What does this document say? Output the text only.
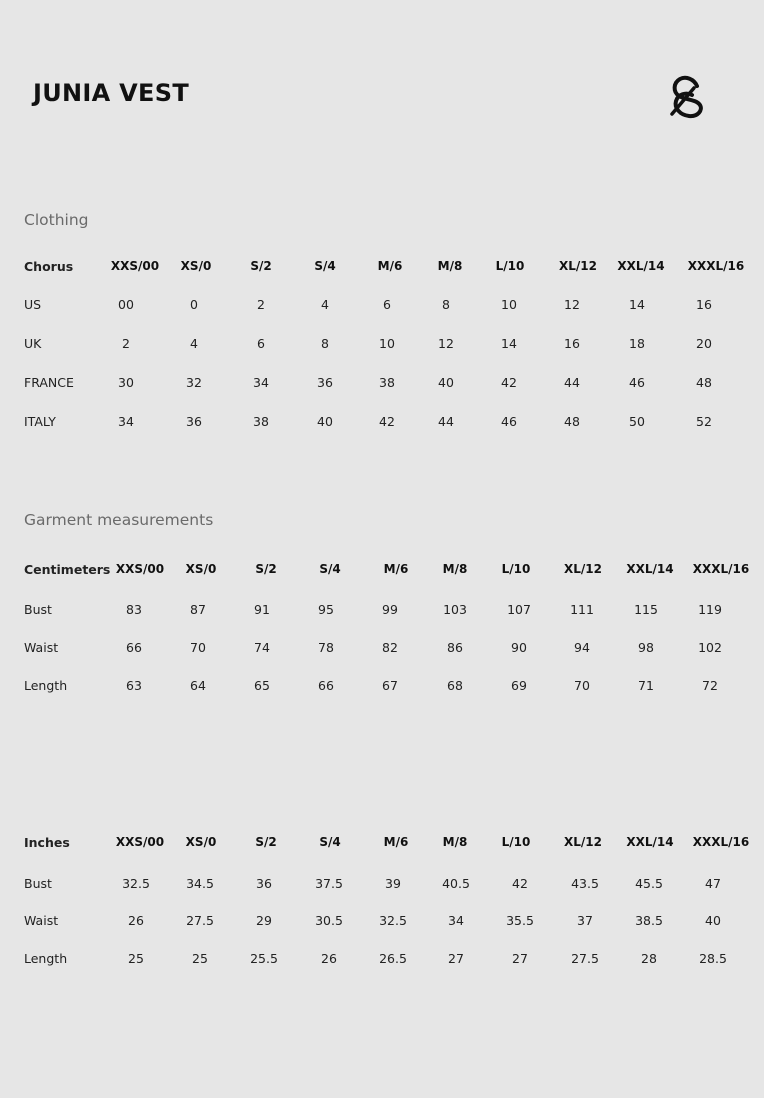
JUNIA VEST
Clothing
Garment measurements
Chorus	XXS/00 XS/0	S/2	S/4	M/6	M/8	L/10	XL/12 XXL/14 XXXL/16
US	00	0	2	4	6	8	10	12	14	16
UK	2	4	6	8	10	12	14	16	18	20
FRANCE	30	32	34	36	38	40	42	44	46	48
ITALY	34	36	38	40	42	44	46	48	50	52
Centimeters XXS/00 XS/0	S/2	S/4	M/6	M/8	L/10	XL/12 XXL/14 XXXL/16
Bust	83	87	91	95	99	103	107	111	115	119
Waist	66	70	74	78	82	86	90	94	98	102
Length	63	64	65	66	67	68	69	70	71	72
Inches	XXS/00 XS/0	S/2	S/4	M/6	M/8	L/10	XL/12 XXL/14 XXXL/16
Bust	32.5	34.5	36	37.5	39	40.5	42	43.5	45.5	47
Waist	26	27.5	29	30.5	32.5	34	35.5	37	38.5	40
Length	25	25	25.5	26	26.5	27	27	27.5	28	28.5
